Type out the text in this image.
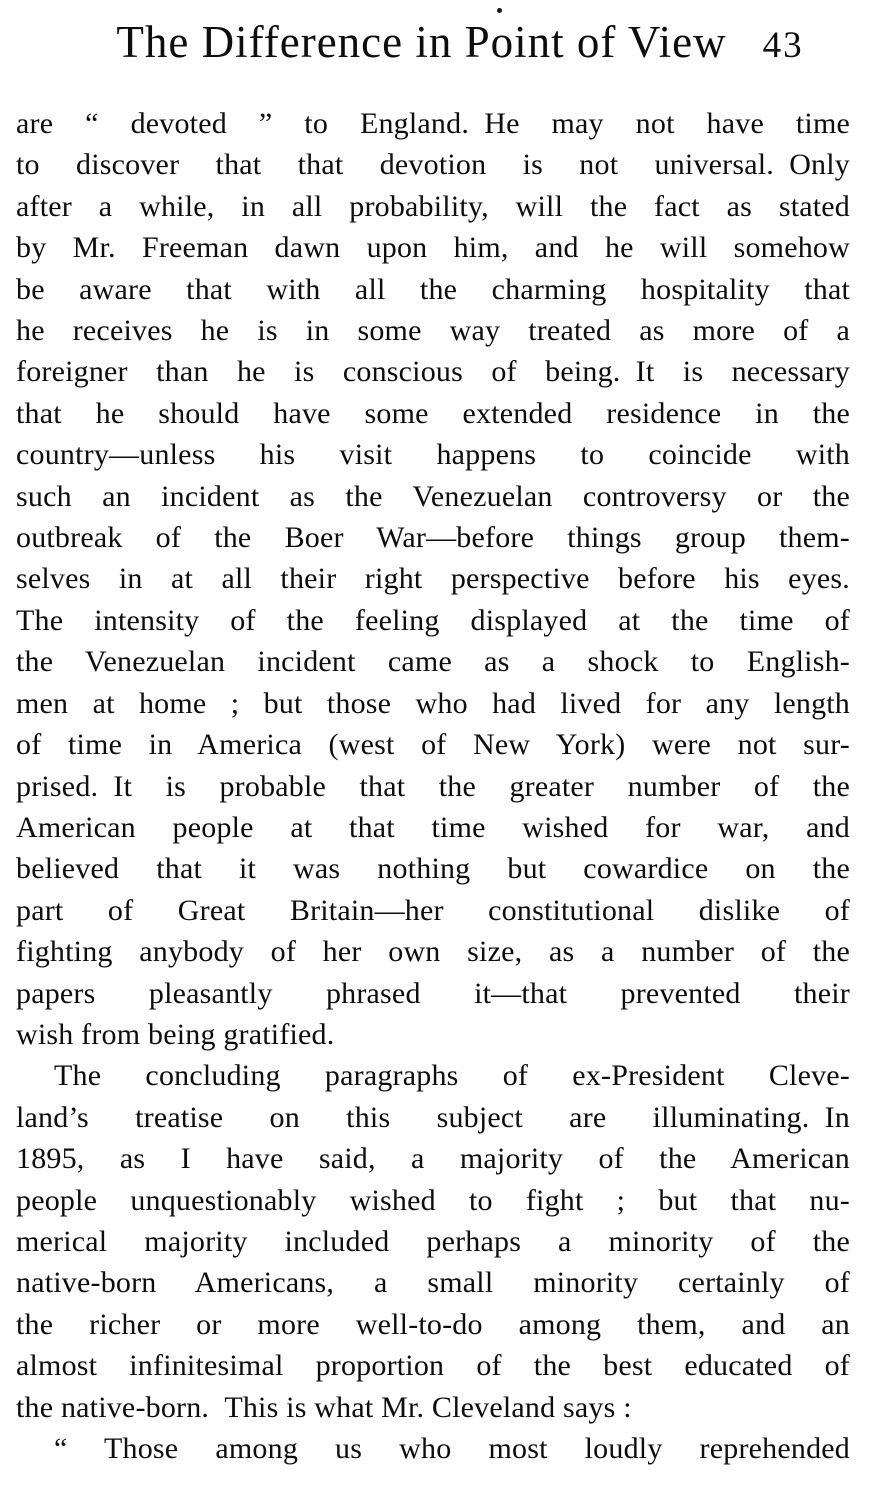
The Difference in Point of View 43
are “ devoted ” to England. He may not have time
to discover that that devotion is not universal. Only
after a while, in all probability, will the fact as stated
by Mr. Freeman dawn upon him, and he will somehow
be aware that with all the charming hospitality that
he receives he is in some way treated as more of a
foreigner than he is conscious of being. It is necessary
that he should have some extended residence in the
country—unless his visit happens to coincide with
such an incident as the Venezuelan controversy or the
outbreak of the Boer War—before things group them-
selves in at all their right perspective before his eyes.
The intensity of the feeling displayed at the time of
the Venezuelan incident came as a shock to English-
men at home ; but those who had lived for any length
of time in America (west of New York) were not sur-
prised. It is probable that the greater number of the
American people at that time wished for war, and
believed that it was nothing but cowardice on the
part of Great Britain—her constitutional dislike of
fighting anybody of her own size, as a number of the
papers pleasantly phrased it—that prevented their
wish from being gratified.
The concluding paragraphs of ex-President Cleve-
land’s treatise on this subject are illuminating. In
1895, as I have said, a majority of the American
people unquestionably wished to fight ; but that nu-
merical majority included perhaps a minority of the
native-born Americans, a small minority certainly of
the richer or more well-to-do among them, and an
almost infinitesimal proportion of the best educated of
the native-born. This is what Mr. Cleveland says :
“ Those among us who most loudly reprehended
